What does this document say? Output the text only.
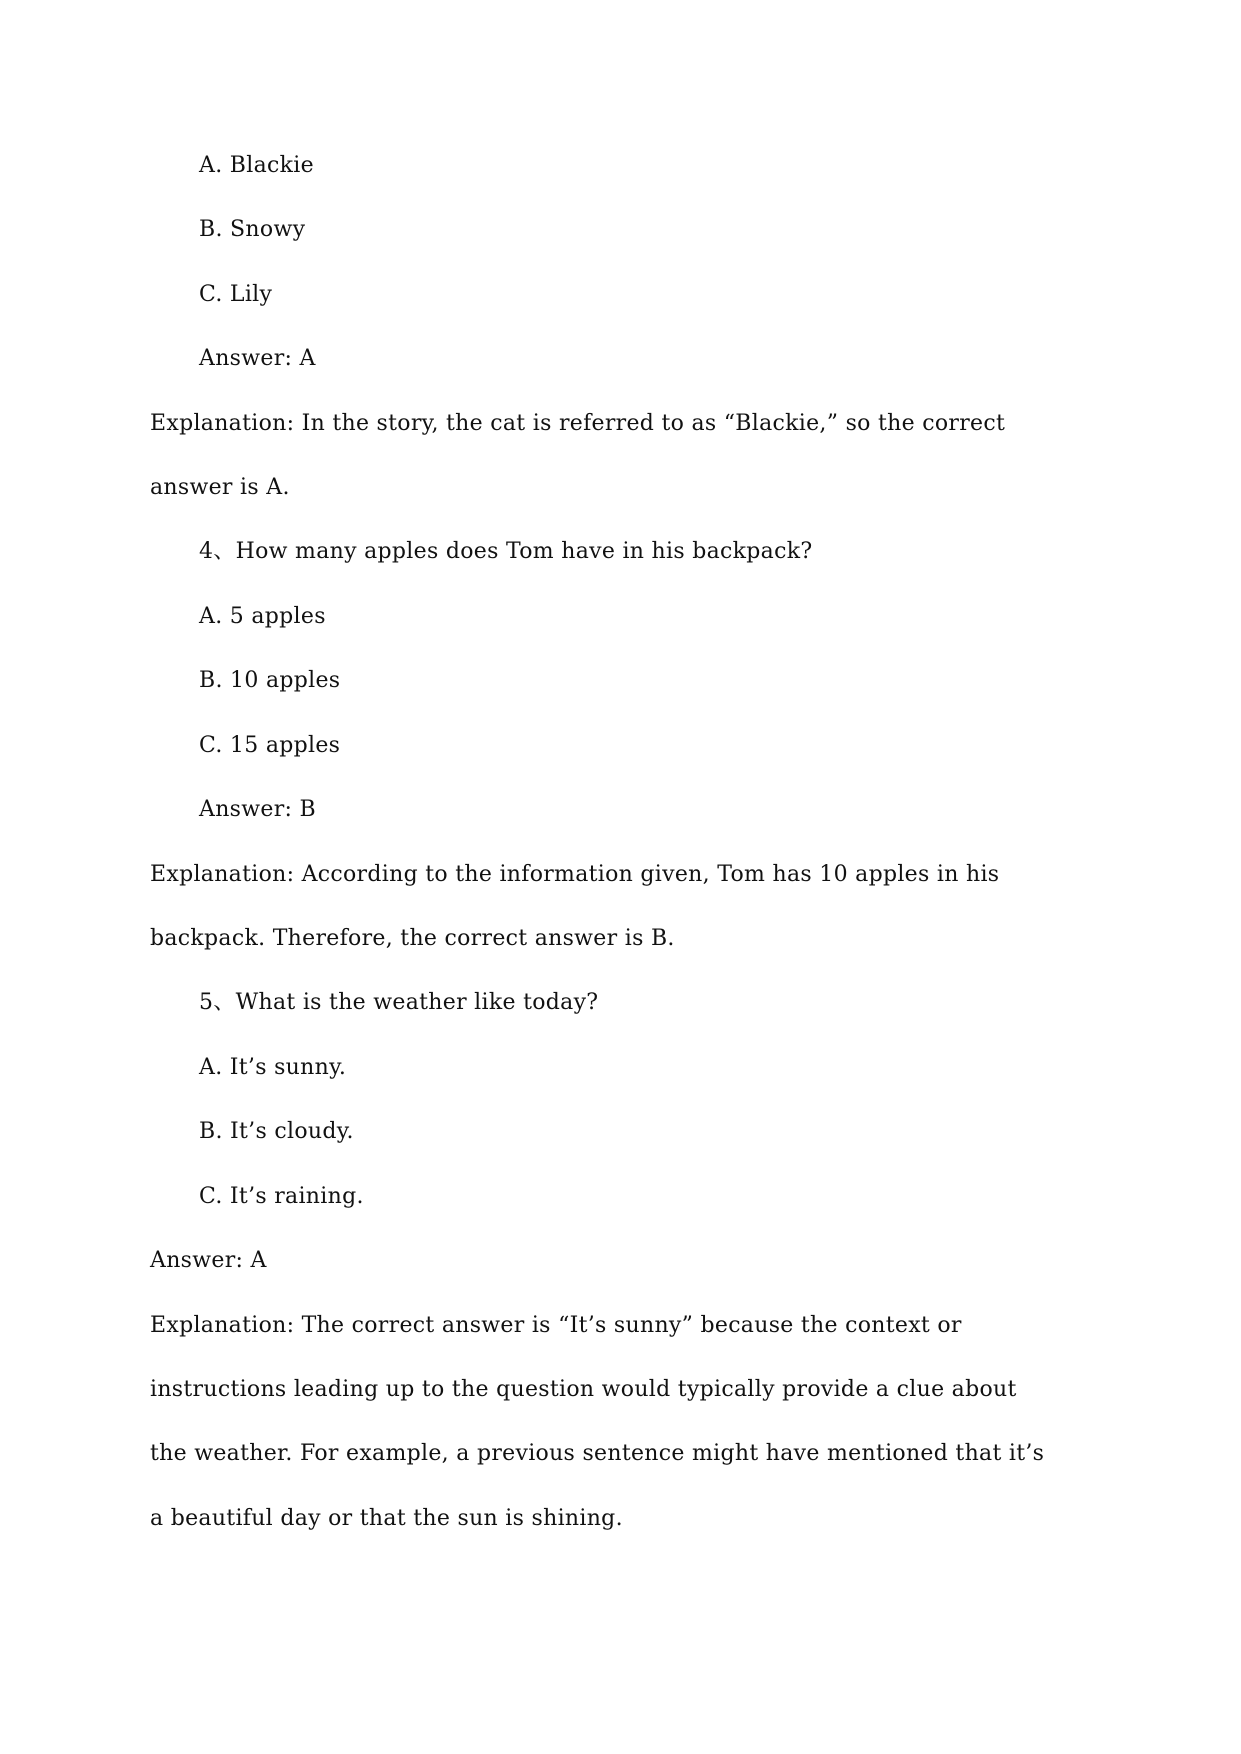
A. Blackie
B. Snowy
C. Lily
Answer: A
Explanation: In the story, the cat is referred to as “Blackie,” so the correct
answer is A.
4、How many apples does Tom have in his backpack?
A. 5 apples
B. 10 apples
C. 15 apples
Answer: B
Explanation: According to the information given, Tom has 10 apples in his
backpack. Therefore, the correct answer is B.
5、What is the weather like today?
A. It’s sunny.
B. It’s cloudy.
C. It’s raining.
Answer: A
Explanation: The correct answer is “It’s sunny” because the context or
instructions leading up to the question would typically provide a clue about
the weather. For example, a previous sentence might have mentioned that it’s
a beautiful day or that the sun is shining.
